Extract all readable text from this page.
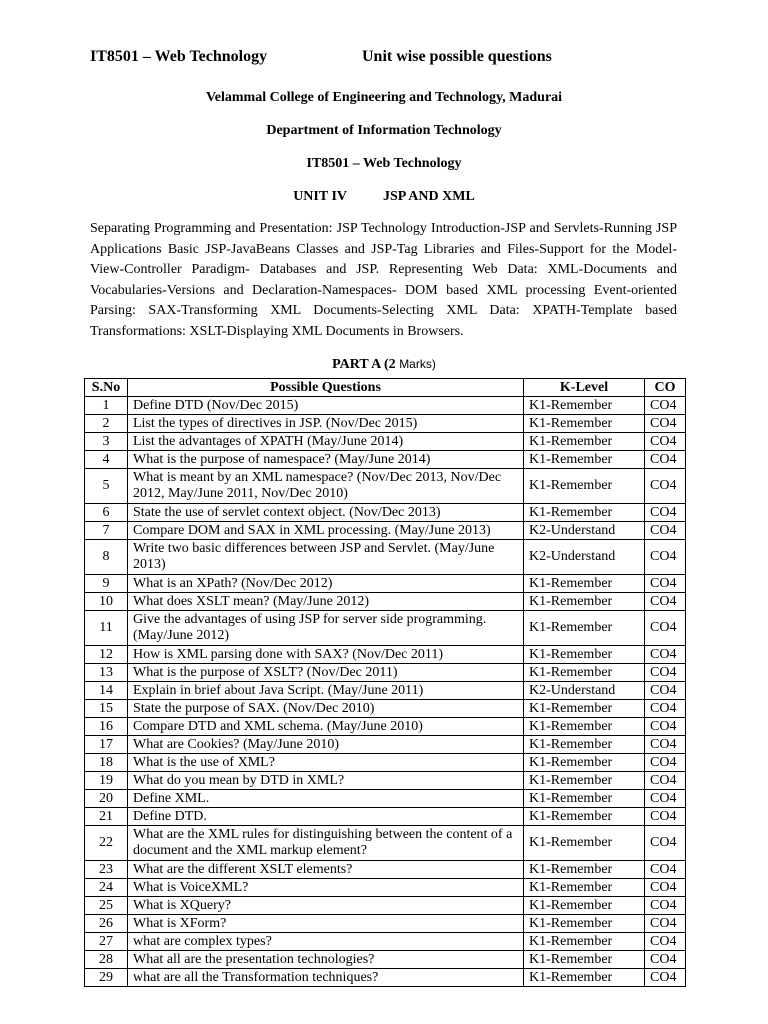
IT8501 – Web Technology	Unit wise possible questions
Velammal College of Engineering and Technology, Madurai
Department of Information Technology
IT8501 – Web Technology
UNIT IV	JSP AND XML
Separating Programming and Presentation: JSP Technology Introduction-JSP and Servlets-Running JSP Applications Basic JSP-JavaBeans Classes and JSP-Tag Libraries and Files-Support for the Model-View-Controller Paradigm- Databases and JSP. Representing Web Data: XML-Documents and Vocabularies-Versions and Declaration-Namespaces- DOM based XML processing Event-oriented Parsing: SAX-Transforming XML Documents-Selecting XML Data: XPATH-Template based Transformations: XSLT-Displaying XML Documents in Browsers.
PART A (2 Marks)
S.No	Possible Questions	K-Level	CO
1	Define DTD (Nov/Dec 2015)	K1-Remember	CO4
2	List the types of directives in JSP. (Nov/Dec 2015)	K1-Remember	CO4
3	List the advantages of XPATH (May/June 2014)	K1-Remember	CO4
4	What is the purpose of namespace? (May/June 2014)	K1-Remember	CO4
5	What is meant by an XML namespace? (Nov/Dec 2013, Nov/Dec 2012, May/June 2011, Nov/Dec 2010)	K1-Remember	CO4
6	State the use of servlet context object. (Nov/Dec 2013)	K1-Remember	CO4
7	Compare DOM and SAX in XML processing. (May/June 2013)	K2-Understand	CO4
8	Write two basic differences between JSP and Servlet. (May/June 2013)	K2-Understand	CO4
9	What is an XPath? (Nov/Dec 2012)	K1-Remember	CO4
10	What does XSLT mean? (May/June 2012)	K1-Remember	CO4
11	Give the advantages of using JSP for server side programming. (May/June 2012)	K1-Remember	CO4
12	How is XML parsing done with SAX? (Nov/Dec 2011)	K1-Remember	CO4
13	What is the purpose of XSLT? (Nov/Dec 2011)	K1-Remember	CO4
14	Explain in brief about Java Script. (May/June 2011)	K2-Understand	CO4
15	State the purpose of SAX. (Nov/Dec 2010)	K1-Remember	CO4
16	Compare DTD and XML schema. (May/June 2010)	K1-Remember	CO4
17	What are Cookies? (May/June 2010)	K1-Remember	CO4
18	What is the use of XML?	K1-Remember	CO4
19	What do you mean by DTD in XML?	K1-Remember	CO4
20	Define XML.	K1-Remember	CO4
21	Define DTD.	K1-Remember	CO4
22	What are the XML rules for distinguishing between the content of a document and the XML markup element?	K1-Remember	CO4
23	What are the different XSLT elements?	K1-Remember	CO4
24	What is VoiceXML?	K1-Remember	CO4
25	What is XQuery?	K1-Remember	CO4
26	What is XForm?	K1-Remember	CO4
27	what are complex types?	K1-Remember	CO4
28	What all are the presentation technologies?	K1-Remember	CO4
29	what are all the Transformation techniques?	K1-Remember	CO4
